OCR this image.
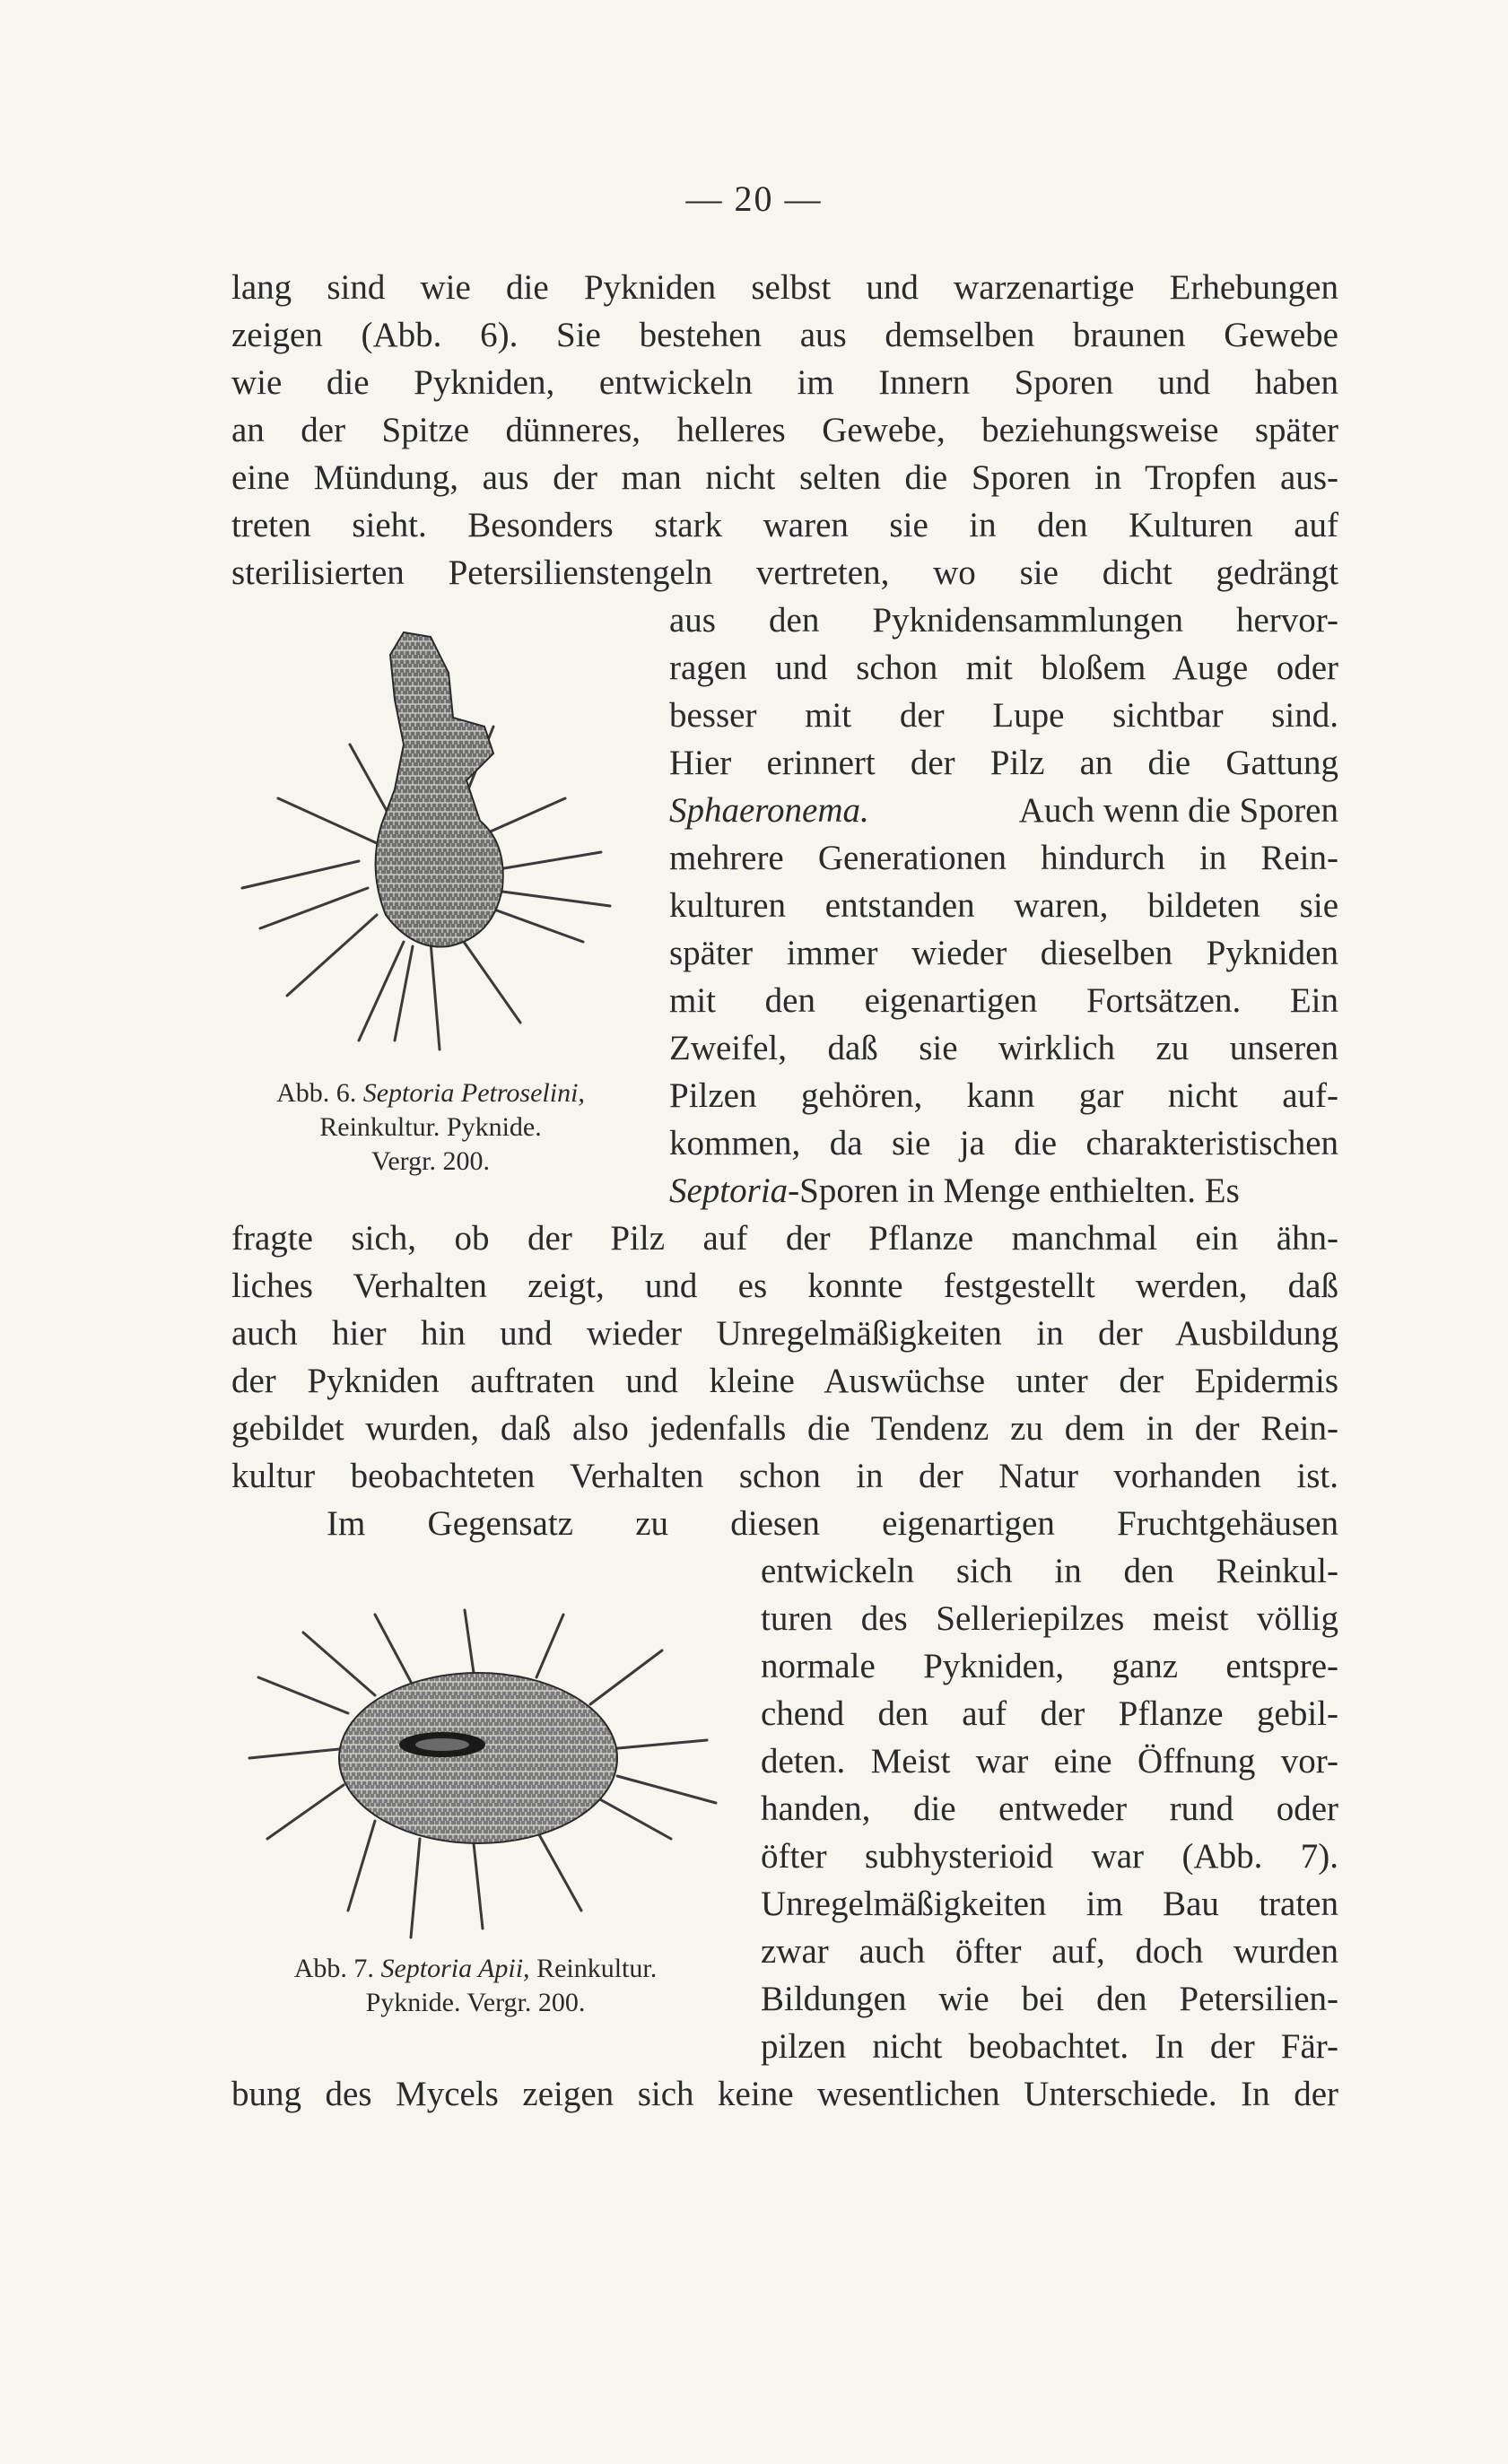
— 20 —
lang sind wie die Pykniden selbst und warzenartige Erhebungen
zeigen (Abb. 6). Sie bestehen aus demselben braunen Gewebe
wie die Pykniden, entwickeln im Innern Sporen und haben
an der Spitze dünneres, helleres Gewebe, beziehungsweise später
eine Mündung, aus der man nicht selten die Sporen in Tropfen aus-
treten sieht. Besonders stark waren sie in den Kulturen auf
sterilisierten Petersilienstengeln vertreten, wo sie dicht gedrängt
aus den Pyknidensammlungen hervor-
ragen und schon mit bloßem Auge oder
besser mit der Lupe sichtbar sind.
Hier erinnert der Pilz an die Gattung
Sphaeronema.	Auch wenn die Sporen
mehrere Generationen hindurch in Rein-
kulturen entstanden waren, bildeten sie
später immer wieder dieselben Pykniden
mit den eigenartigen Fortsätzen. Ein
Zweifel, daß sie wirklich zu unseren
Pilzen gehören, kann gar nicht auf-
kommen, da sie ja die charakteristischen
Septoria-Sporen in Menge enthielten. Es
fragte sich, ob der Pilz auf der Pflanze manchmal ein ähn-
liches Verhalten zeigt, und es konnte festgestellt werden, daß
auch hier hin und wieder Unregelmäßigkeiten in der Ausbildung
der Pykniden auftraten und kleine Auswüchse unter der Epidermis
gebildet wurden, daß also jedenfalls die Tendenz zu dem in der Rein-
kultur beobachteten Verhalten schon in der Natur vorhanden ist.
Im Gegensatz zu diesen eigenartigen Fruchtgehäusen
entwickeln sich in den Reinkul-
turen des Selleriepilzes meist völlig
normale Pykniden, ganz entspre-
chend den auf der Pflanze gebil-
deten. Meist war eine Öffnung vor-
handen, die entweder rund oder
öfter subhysterioid war (Abb. 7).
Unregelmäßigkeiten im Bau traten
zwar auch öfter auf, doch wurden
Bildungen wie bei den Petersilien-
pilzen nicht beobachtet. In der Fär-
bung des Mycels zeigen sich keine wesentlichen Unterschiede. In der
Abb. 6. Septoria Petroselini,
Reinkultur. Pyknide.
Vergr. 200.
Abb. 7. Septoria Apii, Reinkultur.
Pyknide. Vergr. 200.
